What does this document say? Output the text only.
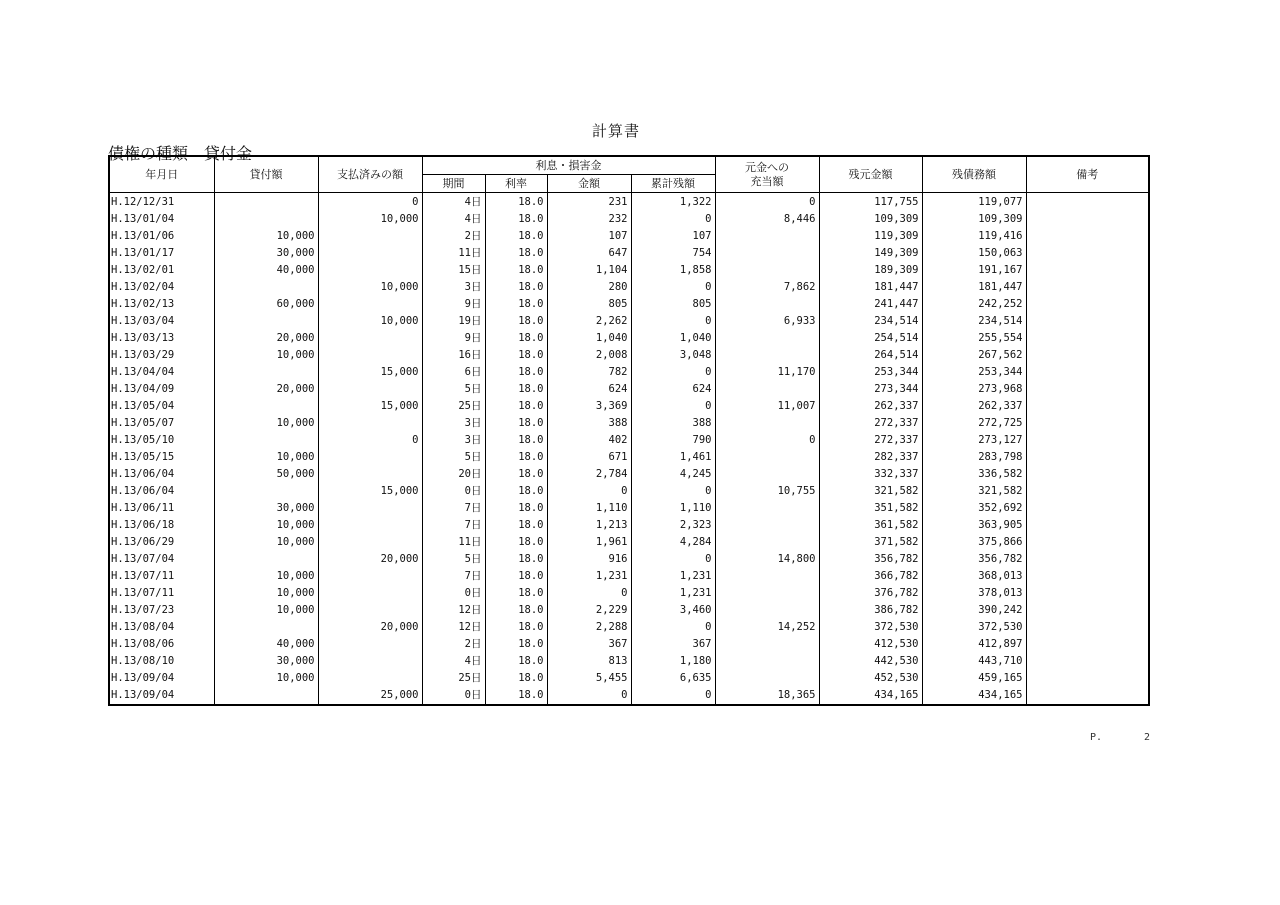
計算書
債権の種類 貸付金
年月日	貸付額	支払済みの額	利息・損害金				元金への
充当額	残元金額	残債務額	備考
			期間	利率	金額	累計残額				
H.12/12/31		0	4日	18.0	231	1,322	0	117,755	119,077	
H.13/01/04		10,000	4日	18.0	232	0	8,446	109,309	109,309	
H.13/01/06	10,000		2日	18.0	107	107		119,309	119,416	
H.13/01/17	30,000		11日	18.0	647	754		149,309	150,063	
H.13/02/01	40,000		15日	18.0	1,104	1,858		189,309	191,167	
H.13/02/04		10,000	3日	18.0	280	0	7,862	181,447	181,447	
H.13/02/13	60,000		9日	18.0	805	805		241,447	242,252	
H.13/03/04		10,000	19日	18.0	2,262	0	6,933	234,514	234,514	
H.13/03/13	20,000		9日	18.0	1,040	1,040		254,514	255,554	
H.13/03/29	10,000		16日	18.0	2,008	3,048		264,514	267,562	
H.13/04/04		15,000	6日	18.0	782	0	11,170	253,344	253,344	
H.13/04/09	20,000		5日	18.0	624	624		273,344	273,968	
H.13/05/04		15,000	25日	18.0	3,369	0	11,007	262,337	262,337	
H.13/05/07	10,000		3日	18.0	388	388		272,337	272,725	
H.13/05/10		0	3日	18.0	402	790	0	272,337	273,127	
H.13/05/15	10,000		5日	18.0	671	1,461		282,337	283,798	
H.13/06/04	50,000		20日	18.0	2,784	4,245		332,337	336,582	
H.13/06/04		15,000	0日	18.0	0	0	10,755	321,582	321,582	
H.13/06/11	30,000		7日	18.0	1,110	1,110		351,582	352,692	
H.13/06/18	10,000		7日	18.0	1,213	2,323		361,582	363,905	
H.13/06/29	10,000		11日	18.0	1,961	4,284		371,582	375,866	
H.13/07/04		20,000	5日	18.0	916	0	14,800	356,782	356,782	
H.13/07/11	10,000		7日	18.0	1,231	1,231		366,782	368,013	
H.13/07/11	10,000		0日	18.0	0	1,231		376,782	378,013	
H.13/07/23	10,000		12日	18.0	2,229	3,460		386,782	390,242	
H.13/08/04		20,000	12日	18.0	2,288	0	14,252	372,530	372,530	
H.13/08/06	40,000		2日	18.0	367	367		412,530	412,897	
H.13/08/10	30,000		4日	18.0	813	1,180		442,530	443,710	
H.13/09/04	10,000		25日	18.0	5,455	6,635		452,530	459,165	
H.13/09/04		25,000	0日	18.0	0	0	18,365	434,165	434,165	
P.	2
